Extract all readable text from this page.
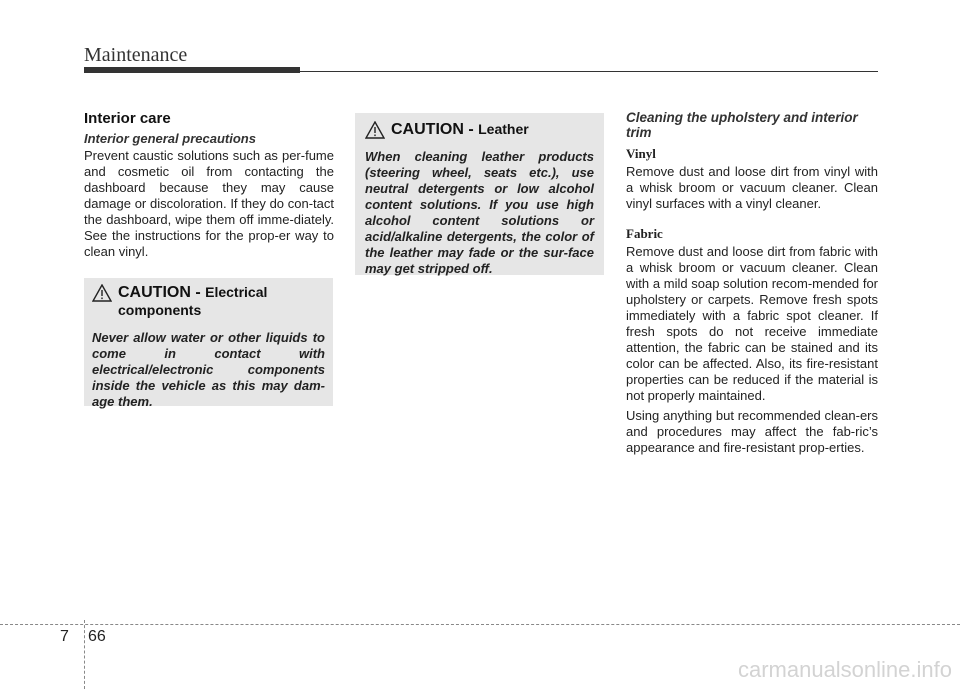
Maintenance
Interior care
Interior general precautions
Prevent caustic solutions such as per-fume and cosmetic oil from contacting the dashboard because they may cause damage or discoloration. If they do con-tact the dashboard, wipe them off imme-diately. See the instructions for the prop-er way to clean vinyl.
CAUTION - Electrical components
Never allow water or other liquids to come in contact with electrical/electronic components inside the vehicle as this may dam-age them.
CAUTION - Leather
When cleaning leather products (steering wheel, seats etc.), use neutral detergents or low alcohol content solutions. If you use high alcohol content solutions or acid/alkaline detergents, the color of the leather may fade or the sur-face may get stripped off.
Cleaning the upholstery and interior trim
Vinyl
Remove dust and loose dirt from vinyl with a whisk broom or vacuum cleaner. Clean vinyl surfaces with a vinyl cleaner.
Fabric
Remove dust and loose dirt from fabric with a whisk broom or vacuum cleaner. Clean with a mild soap solution recom-mended for upholstery or carpets. Remove fresh spots immediately with a fabric spot cleaner. If fresh spots do not receive immediate attention, the fabric can be stained and its color can be affected. Also, its fire-resistant properties can be reduced if the material is not properly maintained.
Using anything but recommended clean-ers and procedures may affect the fab-ric’s appearance and fire-resistant prop-erties.
7 66
carmanualsonline.info
